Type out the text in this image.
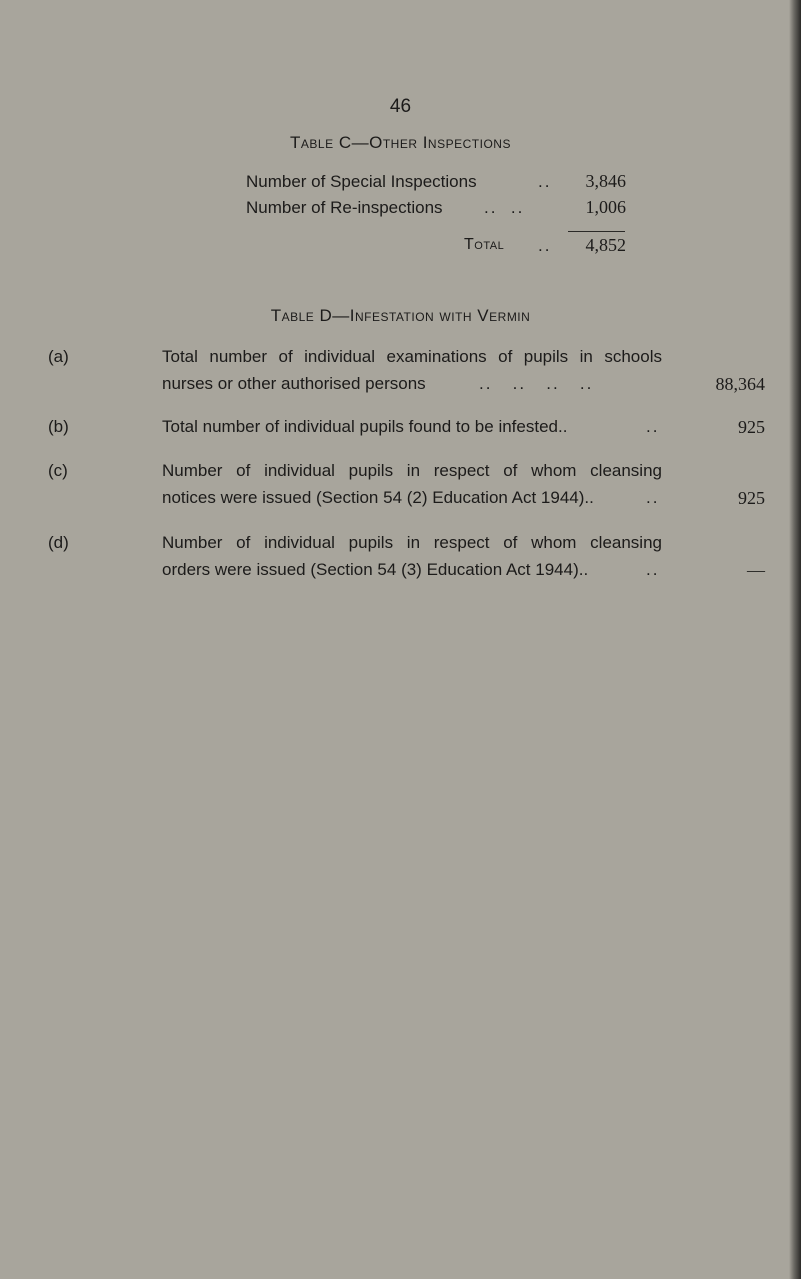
46
Table C—Other Inspections
Number of Special Inspections	..	3,846
Number of Re-inspections ..  ..	1,006
Total ..	4,852
Table D—Infestation with Vermin
(a)	Total number of individual examinations of pupils in schools
nurses or other authorised persons	..   ..   ..   ..	88,364
(b)	Total number of individual pupils found to be infested..	..	925
(c)	Number of individual pupils in respect of whom cleansing
notices were issued (Section 54 (2) Education Act 1944)..	..	925
(d)	Number of individual pupils in respect of whom cleansing
orders were issued (Section 54 (3) Education Act 1944)..	..	—
